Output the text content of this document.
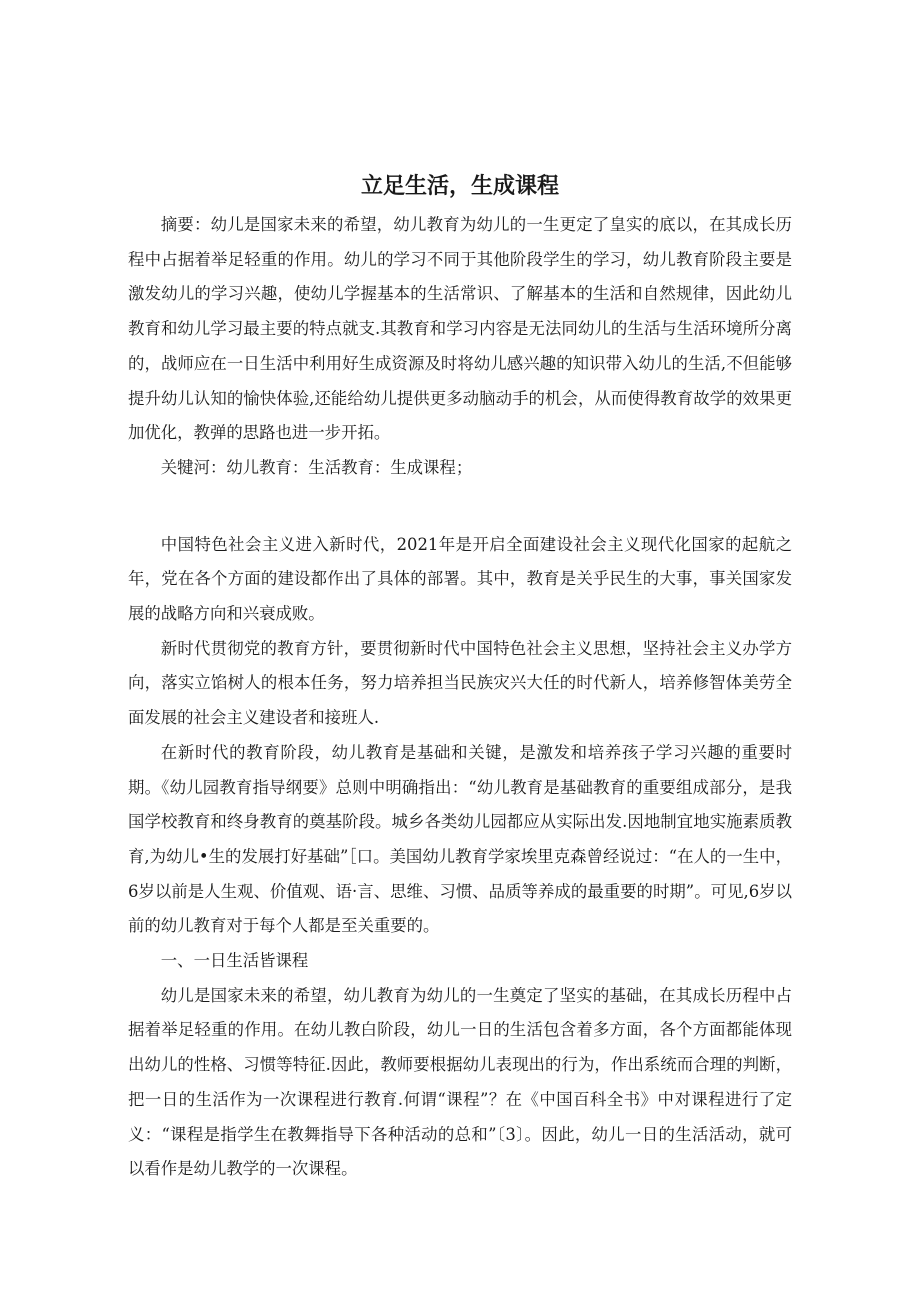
立足生活，生成课程

摘要：幼儿是国家未来的希望，幼儿教育为幼儿的一生更定了皇实的底以，在其成长历程中占据着举足轻重的作用。幼儿的学习不同于其他阶段学生的学习，幼儿教育阶段主要是激发幼儿的学习兴趣，使幼儿学握基本的生活常识、了解基本的生活和自然规律，因此幼儿教育和幼儿学习最主要的特点就支.其教育和学习内容是无法同幼儿的生活与生活环境所分离的，战师应在一日生活中利用好生成资源及时将幼儿感兴趣的知识带入幼儿的生活,不但能够提升幼儿认知的愉快体验,还能给幼儿提供更多动脑动手的机会，从而使得教育故学的效果更加优化，教弹的思路也进一步开拓。

关犍河：幼儿教育：生活教育：生成课程；

中国特色社会主义进入新时代，2021年是开启全面建设社会主义现代化国家的起航之年，党在各个方面的建设都作出了具体的部署。其中，教育是关乎民生的大事，事关国家发展的战略方向和兴衰成败。

新时代贯彻党的教育方针，要贯彻新时代中国特色社会主义思想，坚持社会主义办学方向，落实立馅树人的根本任务，努力培养担当民族灾兴大任的时代新人，培养修智体美劳全面发展的社会主义建设者和接班人.

在新时代的教育阶段，幼儿教育是基础和关键，是激发和培养孩子学习兴趣的重要时期。《幼儿园教育指导纲要》总则中明确指出：“幼儿教育是基础教育的重要组成部分，是我国学校教育和终身教育的奠基阶段。城乡各类幼儿园都应从实际出发.因地制宜地实施素质教育,为幼儿•生的发展打好基础”［口。美国幼儿教育学家埃里克森曾经说过：“在人的一生中，6岁以前是人生观、价值观、语·言、思维、习惯、品质等养成的最重要的时期”。可见,6岁以前的幼儿教育对于每个人都是至关重要的。

一、一日生活皆课程

幼儿是国家未来的希望，幼儿教育为幼儿的一生奠定了坚实的基础，在其成长历程中占据着举足轻重的作用。在幼儿教白阶段，幼儿一日的生活包含着多方面，各个方面都能体现出幼儿的性格、习惯等特征.因此，教师要根据幼儿表现出的行为，作出系统而合理的判断，把一日的生活作为一次课程进行教育.何谓“课程”？在《中国百科全书》中对课程进行了定义：“课程是指学生在教舞指导下各种活动的总和”〔3〕。因此，幼儿一日的生活活动，就可以看作是幼儿教学的一次课程。
